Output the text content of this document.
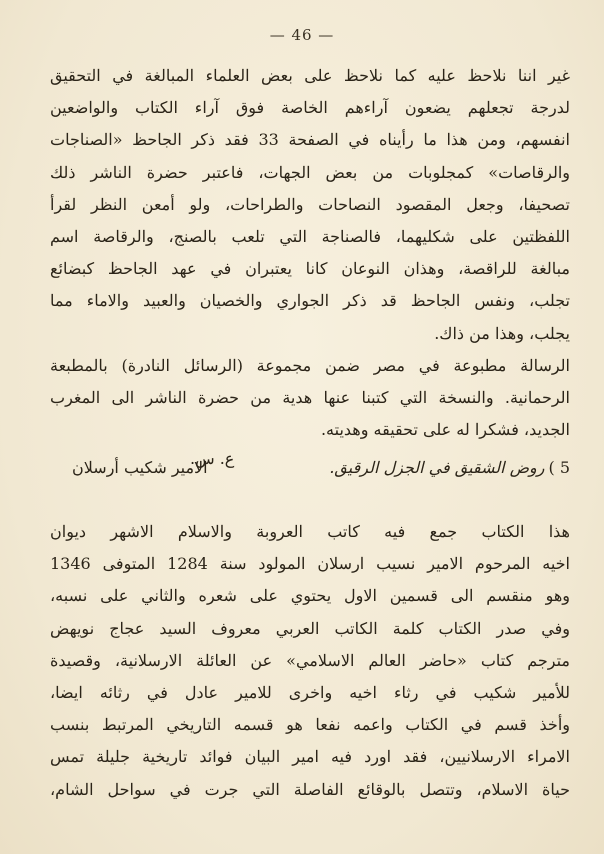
— 46 —
غير اننا نلاحظ عليه كما نلاحظ على بعض العلماء المبالغة في التحقيق
لدرجة تجعلهم يضعون آراءهم الخاصة فوق آراء الكتاب والواضعين
انفسهم، ومن هذا ما رأيناه في الصفحة 33 فقد ذكر الجاحظ «الصناجات
والرقاصات» كمجلوبات من بعض الجهات، فاعتبر حضرة الناشر ذلك
تصحيفا، وجعل المقصود النصاحات والطراحات، ولو أمعن النظر لقرأ
اللفظتين على شكليهما، فالصناجة التي تلعب بالصنج، والرقاصة اسم
مبالغة للراقصة، وهذان النوعان كانا يعتبران في عهد الجاحظ كبضائع
تجلب، ونفس الجاحظ قد ذكر الجواري والخصيان والعبيد والاماء مما
يجلب، وهذا من ذاك.
الرسالة مطبوعة في مصر ضمن مجموعة (الرسائل النادرة) بالمطبعة
الرحمانية. والنسخة التي كتبنا عنها هدية من حضرة الناشر الى المغرب
الجديد، فشكرا له على تحقيقه وهديته.
ع. س.	5 )
روض الشقيق في الجزل الرقيق.
الامير شكيب أرسلان
هذا الكتاب جمع فيه كاتب العروبة والاسلام الاشهر ديوان
اخيه المرحوم الامير نسيب ارسلان المولود سنة 1284 المتوفى 1346
وهو منقسم الى قسمين الاول يحتوي على شعره والثاني على نسبه،
وفي صدر الكتاب كلمة الكاتب العربي معروف السيد عجاج نويهض
مترجم كتاب «حاضر العالم الاسلامي» عن العائلة الارسلانية، وقصيدة
للأمير شكيب في رثاء اخيه واخرى للامير عادل في رثائه ايضا،
وأخذ قسم في الكتاب واعمه نفعا هو قسمه التاريخي المرتبط بنسب
الامراء الارسلانيين، فقد اورد فيه امير البيان فوائد تاريخية جليلة تمس
حياة الاسلام، وتتصل بالوقائع الفاصلة التي جرت في سواحل الشام،
